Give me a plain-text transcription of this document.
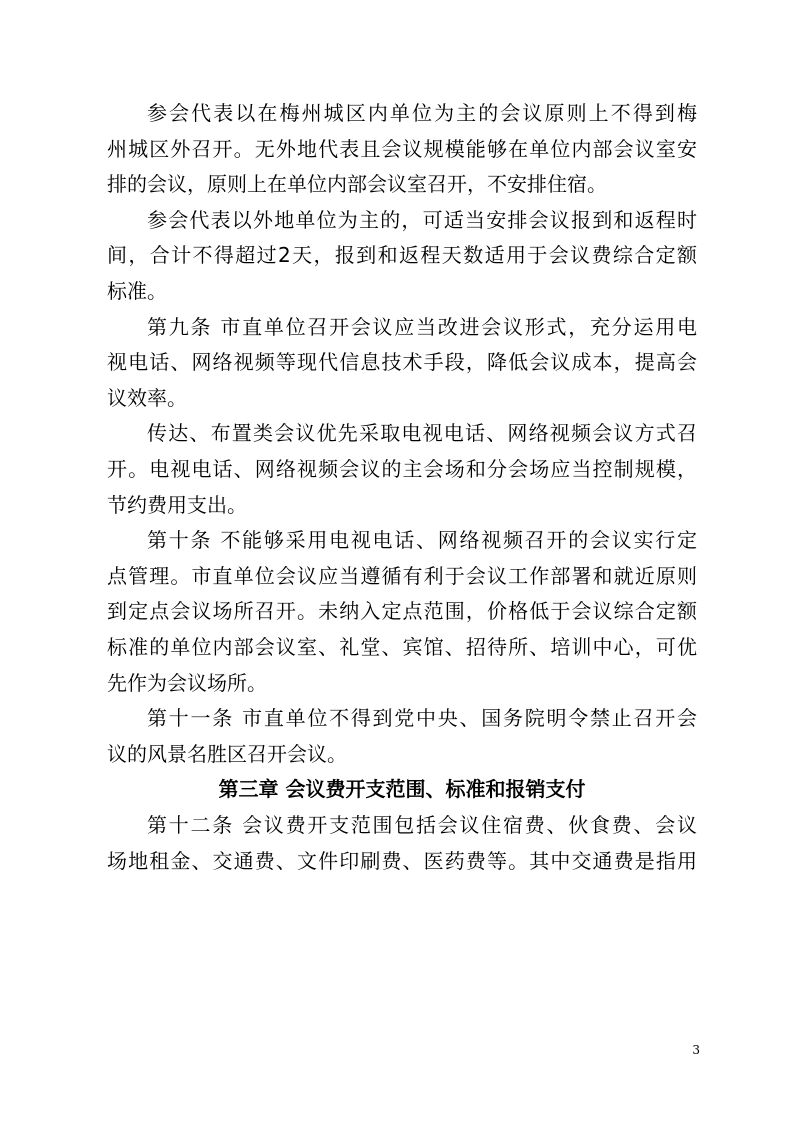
参会代表以在梅州城区内单位为主的会议原则上不得到梅
州城区外召开。无外地代表且会议规模能够在单位内部会议室安
排的会议，原则上在单位内部会议室召开，不安排住宿。
参会代表以外地单位为主的，可适当安排会议报到和返程时
间，合计不得超过2天，报到和返程天数适用于会议费综合定额
标准。
第九条 市直单位召开会议应当改进会议形式，充分运用电
视电话、网络视频等现代信息技术手段，降低会议成本，提高会
议效率。
传达、布置类会议优先采取电视电话、网络视频会议方式召
开。电视电话、网络视频会议的主会场和分会场应当控制规模，
节约费用支出。
第十条 不能够采用电视电话、网络视频召开的会议实行定
点管理。市直单位会议应当遵循有利于会议工作部署和就近原则
到定点会议场所召开。未纳入定点范围，价格低于会议综合定额
标准的单位内部会议室、礼堂、宾馆、招待所、培训中心，可优
先作为会议场所。
第十一条 市直单位不得到党中央、国务院明令禁止召开会
议的风景名胜区召开会议。
第三章 会议费开支范围、标准和报销支付
第十二条 会议费开支范围包括会议住宿费、伙食费、会议
场地租金、交通费、文件印刷费、医药费等。其中交通费是指用
3
